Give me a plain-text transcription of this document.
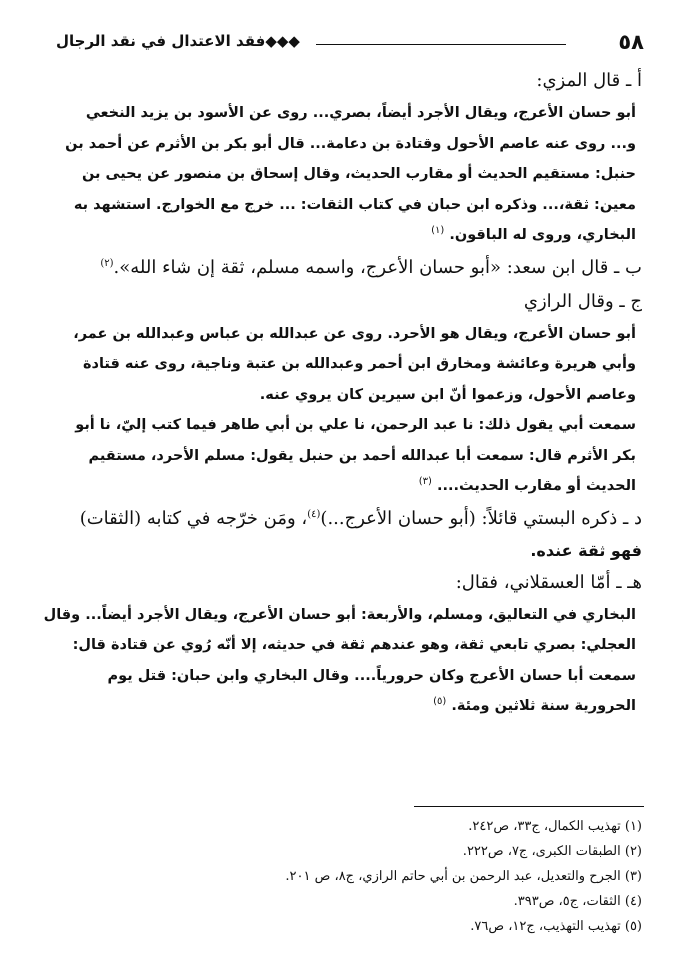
٥٨
◆◆◆فقد الاعتدال في نقد الرجال

أ ـ قال المزي:

أبو حسان الأعرج، ويقال الأجرد أيضاً، بصري... روى عن الأسود بن يزيد النخعي

و... روى عنه عاصم الأحول وقتادة بن دعامة... قال أبو بكر بن الأثرم عن أحمد بن

حنبل: مستقيم الحديث أو مقارب الحديث، وقال إسحاق بن منصور عن يحيى بن

معين: ثقة،... وذكره ابن حبان في كتاب الثقات: ... خرج مع الخوارج. استشهد به

البخاري، وروى له الباقون. $^{(١)}$

ب ـ قال ابن سعد: «أبو حسان الأعرج، واسمه مسلم، ثقة إن شاء الله».$^{(٢)}$

ج ـ وقال الرازي

أبو حسان الأعرج، ويقال هو الأحرد. روى عن عبدالله بن عباس وعبدالله بن عمر،

وأبي هريرة وعائشة ومخارق ابن أحمر وعبدالله بن عتبة وناجية، روى عنه قتادة

وعاصم الأحول، وزعموا أنّ ابن سيرين كان يروي عنه.

سمعت أبي يقول ذلك: نا عبد الرحمن، نا علي بن أبي طاهر فيما كتب إليّ، نا أبو

بكر الأثرم قال: سمعت أبا عبدالله أحمد بن حنبل يقول: مسلم الأحرد، مستقيم

الحديث أو مقارب الحديث.... $^{(٣)}$

د ـ ذكره البستي قائلاً: (أبو حسان الأعرج...)$^{(٤)}$، ومَن خرّجه في كتابه (الثقات)

فهو ثقة عنده.

هـ ـ أمّا العسقلاني، فقال:

البخاري في التعاليق، ومسلم، والأربعة: أبو حسان الأعرج، ويقال الأجرد أيضاً... وقال

العجلي: بصري تابعي ثقة، وهو عندهم ثقة في حديثه، إلا أنّه رُوي عن قتادة قال:

سمعت أبا حسان الأعرج وكان حرورياً.... وقال البخاري وابن حبان: قتل يوم

الحرورية سنة ثلاثين ومئة. $^{(٥)}$

(١) تهذيب الكمال، ج٣٣، ص٢٤٢.

(٢) الطبقات الكبرى، ج٧، ص٢٢٢.

(٣) الجرح والتعديل، عبد الرحمن بن أبي حاتم الرازي، ج٨، ص ٢٠١.

(٤) الثقات، ج٥، ص٣٩٣.

(٥) تهذيب التهذيب، ج١٢، ص٧٦.
